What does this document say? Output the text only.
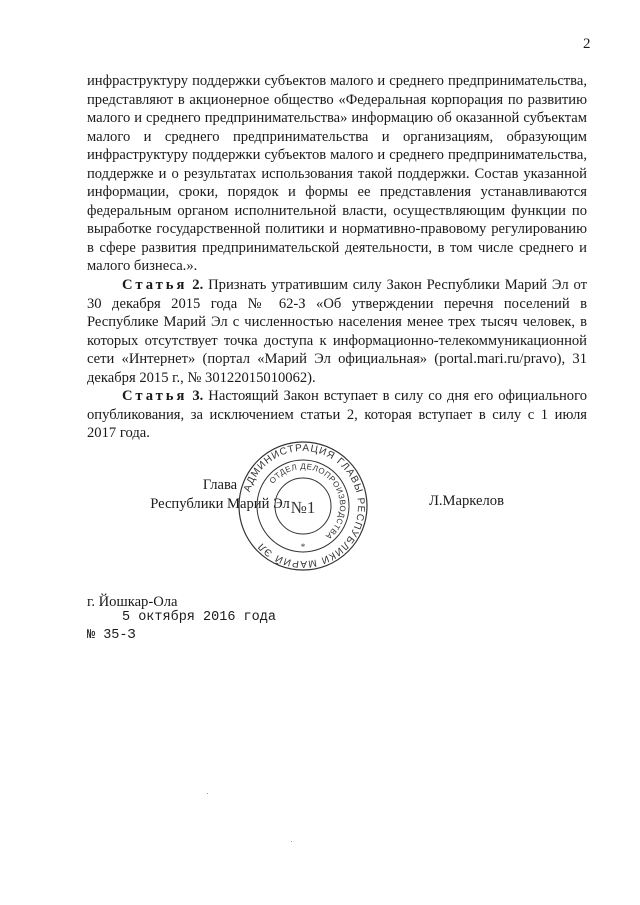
2

инфраструктуру поддержки субъектов малого и среднего предпринимательства, представляют в акционерное общество «Федеральная корпорация по развитию малого и среднего предпринимательства» информацию об оказанной субъектам малого и среднего предпринимательства и организациям, образующим инфраструктуру поддержки субъектов малого и среднего предпринимательства, поддержке и о результатах использования такой поддержки. Состав указанной информации, сроки, порядок и формы ее представления устанавливаются федеральным органом исполнительной власти, осуществляющим функции по выработке государственной политики и нормативно-правовому регулированию в сфере развития предпринимательской деятельности, в том числе среднего и малого бизнеса.».

Статья 2. Признать утратившим силу Закон Республики Марий Эл от 30 декабря 2015 года № 62-З «Об утверждении перечня поселений в Республике Марий Эл с численностью населения менее трех тысяч человек, в которых отсутствует точка доступа к информационно-телекоммуникационной сети «Интернет» (портал «Марий Эл официальная» (portal.mari.ru/pravo), 31 декабря 2015 г., № 30122015010062).

Статья 3. Настоящий Закон вступает в силу со дня его официального опубликования, за исключением статьи 2, которая вступает в силу с 1 июля 2017 года.

АДМИНИСТРАЦИЯ ГЛАВЫ РЕСПУБЛИКИ МАРИЙ ЭЛ
ОТДЕЛ ДЕЛОПРОИЗВОДСТВА
№1
*
Глава
Республики Марий Эл	Л.Маркелов
г. Йошкар-Ола
5 октября 2016 года
№ 35-З
